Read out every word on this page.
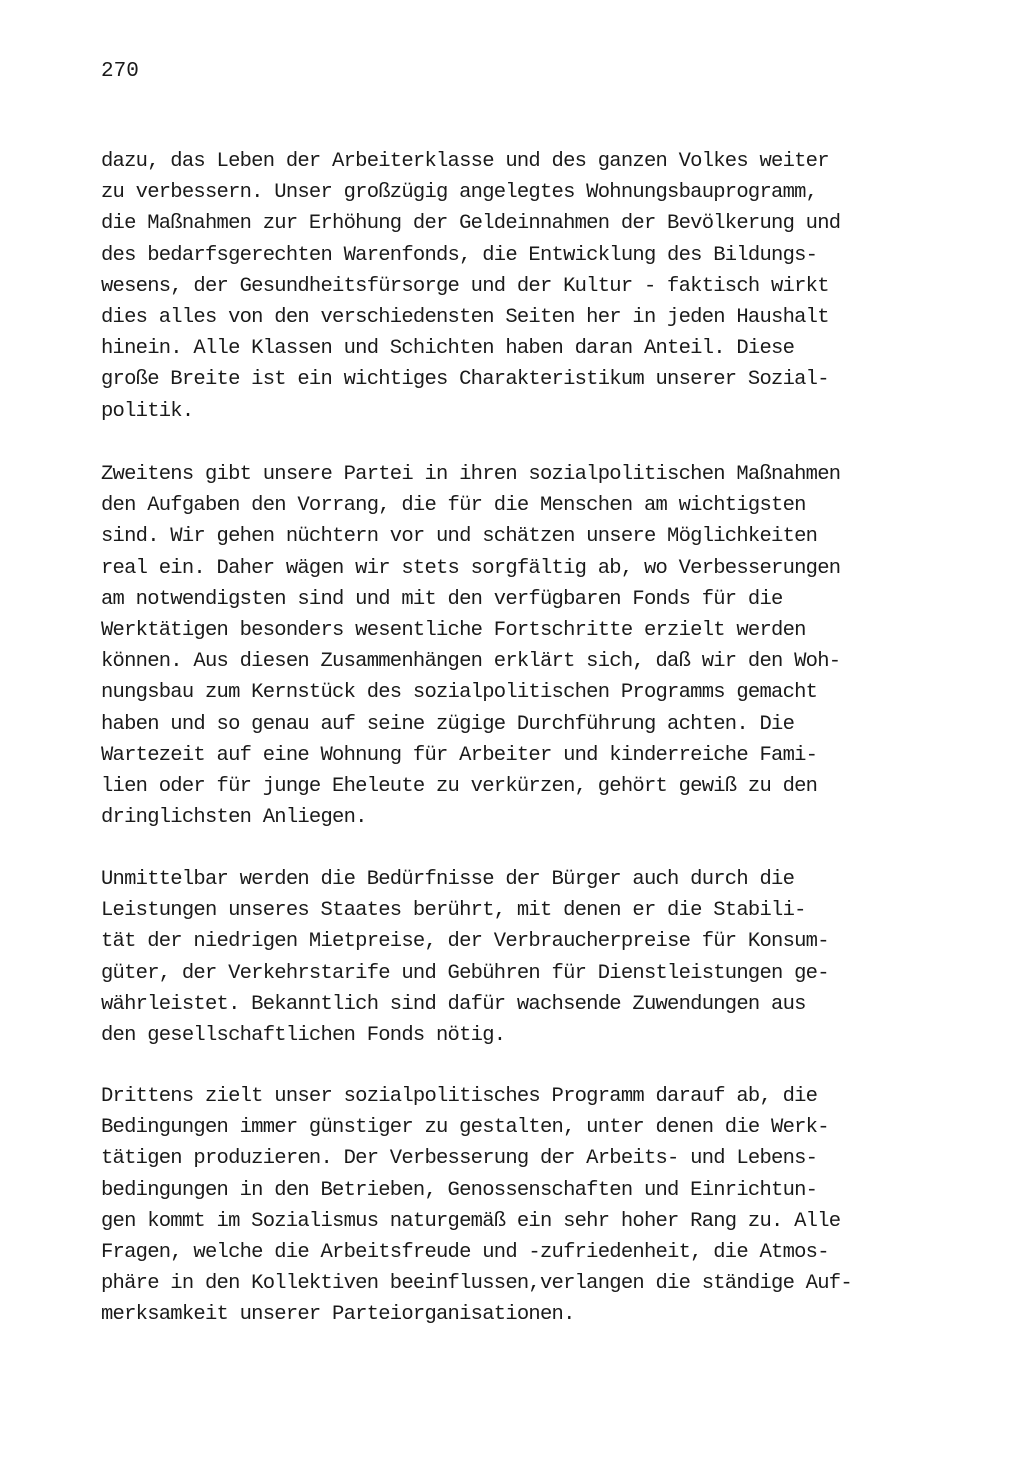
270
dazu, das Leben der Arbeiterklasse und des ganzen Volkes weiter
zu verbessern. Unser großzügig angelegtes Wohnungsbauprogramm,
die Maßnahmen zur Erhöhung der Geldeinnahmen der Bevölkerung und
des bedarfsgerechten Warenfonds, die Entwicklung des Bildungs-
wesens, der Gesundheitsfürsorge und der Kultur - faktisch wirkt
dies alles von den verschiedensten Seiten her in jeden Haushalt
hinein. Alle Klassen und Schichten haben daran Anteil. Diese
große Breite ist ein wichtiges Charakteristikum unserer Sozial-
politik.
Zweitens gibt unsere Partei in ihren sozialpolitischen Maßnahmen
den Aufgaben den Vorrang, die für die Menschen am wichtigsten
sind. Wir gehen nüchtern vor und schätzen unsere Möglichkeiten
real ein. Daher wägen wir stets sorgfältig ab, wo Verbesserungen
am notwendigsten sind und mit den verfügbaren Fonds für die
Werktätigen besonders wesentliche Fortschritte erzielt werden
können. Aus diesen Zusammenhängen erklärt sich, daß wir den Woh-
nungsbau zum Kernstück des sozialpolitischen Programms gemacht
haben und so genau auf seine zügige Durchführung achten. Die
Wartezeit auf eine Wohnung für Arbeiter und kinderreiche Fami-
lien oder für junge Eheleute zu verkürzen, gehört gewiß zu den
dringlichsten Anliegen.
Unmittelbar werden die Bedürfnisse der Bürger auch durch die
Leistungen unseres Staates berührt, mit denen er die Stabili-
tät der niedrigen Mietpreise, der Verbraucherpreise für Konsum-
güter, der Verkehrstarife und Gebühren für Dienstleistungen ge-
währleistet. Bekanntlich sind dafür wachsende Zuwendungen aus
den gesellschaftlichen Fonds nötig.
Drittens zielt unser sozialpolitisches Programm darauf ab, die
Bedingungen immer günstiger zu gestalten, unter denen die Werk-
tätigen produzieren. Der Verbesserung der Arbeits- und Lebens-
bedingungen in den Betrieben, Genossenschaften und Einrichtun-
gen kommt im Sozialismus naturgemäß ein sehr hoher Rang zu. Alle
Fragen, welche die Arbeitsfreude und -zufriedenheit, die Atmos-
phäre in den Kollektiven beeinflussen,verlangen die ständige Auf-
merksamkeit unserer Parteiorganisationen.
